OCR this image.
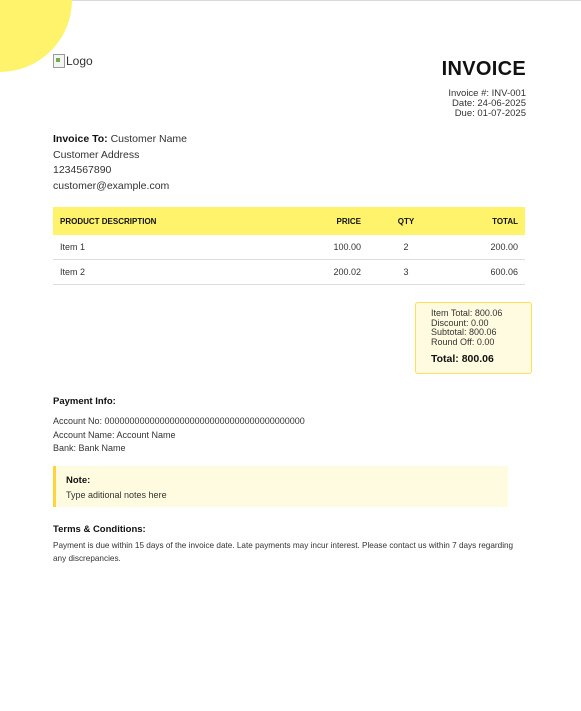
Logo	INVOICE
Invoice #: INV-001
Date: 24-06-2025
Due: 01-07-2025
Invoice To: Customer Name
Customer Address
1234567890
customer@example.com
PRODUCT DESCRIPTION	PRICE	QTY	TOTAL
Item 1	100.00	2	200.00
Item 2	200.02	3	600.06
Item Total: 800.06
Discount: 0.00
Subtotal: 800.06
Round Off: 0.00
Total: 800.06
Payment Info:
Account No: 0000000000000000000000000000000000000000
Account Name: Account Name
Bank: Bank Name
Note:
Type aditional notes here
Terms & Conditions:
Payment is due within 15 days of the invoice date. Late payments may incur interest. Please contact us within 7 days regarding any discrepancies.
